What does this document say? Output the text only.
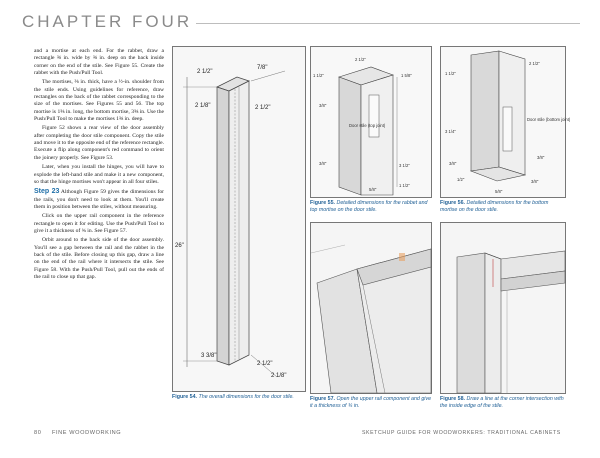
CHAPTER FOUR

and a mortise at each end. For the rabbet, draw a rectangle ⅜ in. wide by ⅜ in. deep on the back inside corner on the end of the stile. See Figure 55. Create the rabbet with the Push/Pull Tool.

The mortises, ⅜ in. thick, have a ½-in. shoulder from the stile ends. Using guidelines for reference, draw rectangles on the back of the rabbet corresponding to the size of the mortises. See Figures 55 and 56. The top mortise is 1⅝ in. long, the bottom mortise, 3⅝ in. Use the Push/Pull Tool to make the mortises 1⅜ in. deep.

Figure 52 shows a rear view of the door assembly after completing the door stile component. Copy the stile and move it to the opposite end of the reference rectangle. Execute a flip along component's red command to orient the joinery properly. See Figure 53.

Later, when you install the hinges, you will have to explode the left-hand stile and make it a new component, so that the hinge mortises won't appear in all four stiles.

Step 23 Although Figure 59 gives the dimensions for the rails, you don't need to look at them. You'll create them in position between the stiles, without measuring.

Click on the upper rail component in the reference rectangle to open it for editing. Use the Push/Pull Tool to give it a thickness of ¾ in. See Figure 57.

Orbit around to the back side of the door assembly. You'll see a gap between the rail and the rabbet in the back of the stile. Before closing up this gap, draw a line on the end of the rail where it intersects the stile. See Figure 58. With the Push/Pull Tool, pull out the ends of the rail to close up that gap.

2 1/2"
7/8"
2 1/8"	2 1/2"
26"
3 3/8"
2 1/2"
2 1/8"
Figure 54. The overall dimensions for the door stile.
2 1/2"
1 1/2"	1 5/8"
3/8"
3/8"	3 1/2"
1 1/2"
5/8"
Door stile (top joint)
Figure 55. Detailed dimensions for the rabbet and top mortise on the door stile.
1 1/2"
2 1/2"
3 1/4"
3/8"
1/2"
5/8"
3/8"
3/8"
Door stile (bottom joint)
Figure 56. Detailed dimensions for the bottom mortise on the door stile.
Figure 57. Open the upper rail component and give it a thickness of ¾ in.
Figure 58. Draw a line at the corner intersection with the inside edge of the stile.
80 FINE WOODWORKING	SKETCHUP GUIDE FOR WOODWORKERS: TRADITIONAL CABINETS
